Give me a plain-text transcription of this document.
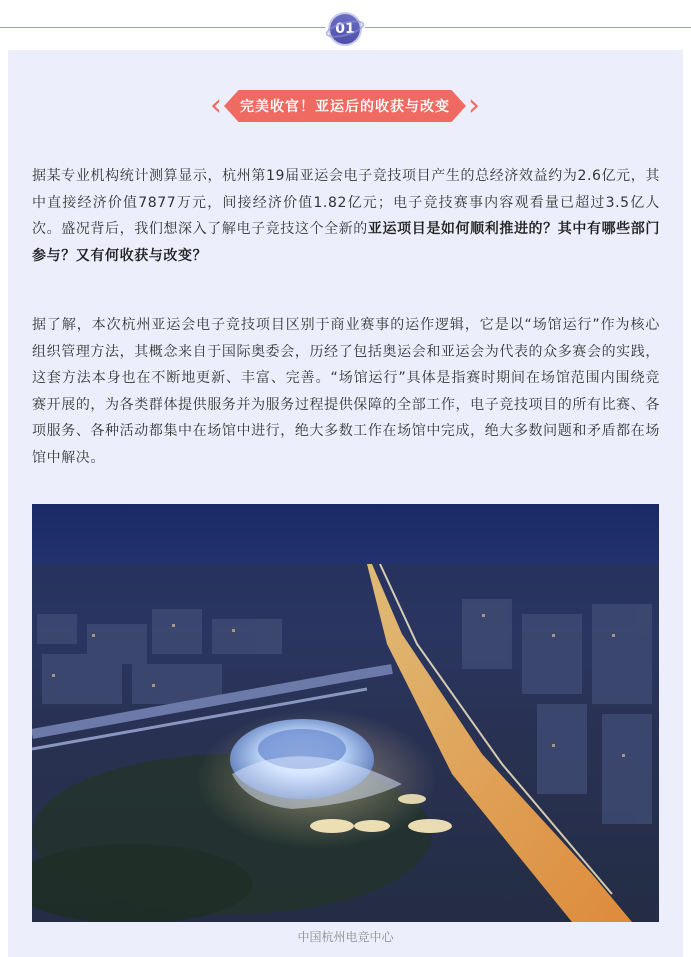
01
‹ 完美收官！亚运后的收获与改变 ›
据某专业机构统计测算显示，杭州第19届亚运会电子竞技项目产生的总经济效益约为2.6亿元，其中直接经济价值7877万元，间接经济价值1.82亿元；电子竞技赛事内容观看量已超过3.5亿人次。盛况背后，我们想深入了解电子竞技这个全新的亚运项目是如何顺利推进的？其中有哪些部门参与？又有何收获与改变？
据了解，本次杭州亚运会电子竞技项目区别于商业赛事的运作逻辑，它是以“场馆运行”作为核心组织管理方法，其概念来自于国际奥委会，历经了包括奥运会和亚运会为代表的众多赛会的实践，这套方法本身也在不断地更新、丰富、完善。“场馆运行”具体是指赛时期间在场馆范围内围绕竞赛开展的，为各类群体提供服务并为服务过程提供保障的全部工作，电子竞技项目的所有比赛、各项服务、各种活动都集中在场馆中进行，绝大多数工作在场馆中完成，绝大多数问题和矛盾都在场馆中解决。
中国杭州电竞中心
